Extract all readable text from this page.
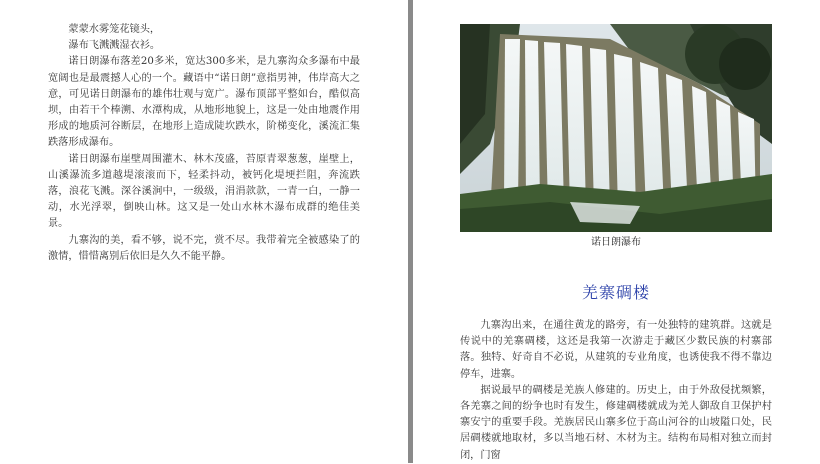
蒙蒙水雾笼花镜头，

瀑布飞溅溅湿衣衫。

诺日朗瀑布落差20多米，宽达300多米，是九寨沟众多瀑布中最宽阔也是最震撼人心的一个。藏语中“诺日朗”意指男神，伟岸高大之意，可见诺日朗瀑布的雄伟壮观与宽广。瀑布顶部平整如台，酷似高坝，由若干个棒溯、水潭构成，从地形地貌上，这是一处由地震作用形成的地质河谷断层，在地形上造成陡坎跌水，阶梯变化，溪流汇集跌落形成瀑布。

诺日朗瀑布崖壁周围灌木、林木茂盛，苔原青翠葱葱，崖壁上，山溪瀑流多道越堤滚滚而下，轻柔抖动，被钙化堤埂拦阻，奔流跌落，浪花飞溅。深谷溪涧中，一级级，涓涓款款，一青一白，一静一动，水光浮翠，倒映山林。这又是一处山水林木瀑布成群的绝佳美景。

九寨沟的美，看不够，说不完，赏不尽。我带着完全被感染了的激情，惜惜离别后依旧是久久不能平静。

诺日朗瀑布
羌寨碉楼

九寨沟出来，在通往黄龙的路旁，有一处独特的建筑群。这就是传说中的羌寨碉楼，这还是我第一次游走于藏区少数民族的村寨部落。独特、好奇自不必说，从建筑的专业角度，也诱使我不得不靠边停车，进寨。

据说最早的碉楼是羌族人修建的。历史上，由于外敌侵扰频繁，各羌寨之间的纷争也时有发生，修建碉楼就成为羌人御敌自卫保护村寨安宁的重要手段。羌族居民山寨多位于高山河谷的山坡隘口处，民居碉楼就地取材，多以当地石材、木材为主。结构布局相对独立而封闭，门窗
